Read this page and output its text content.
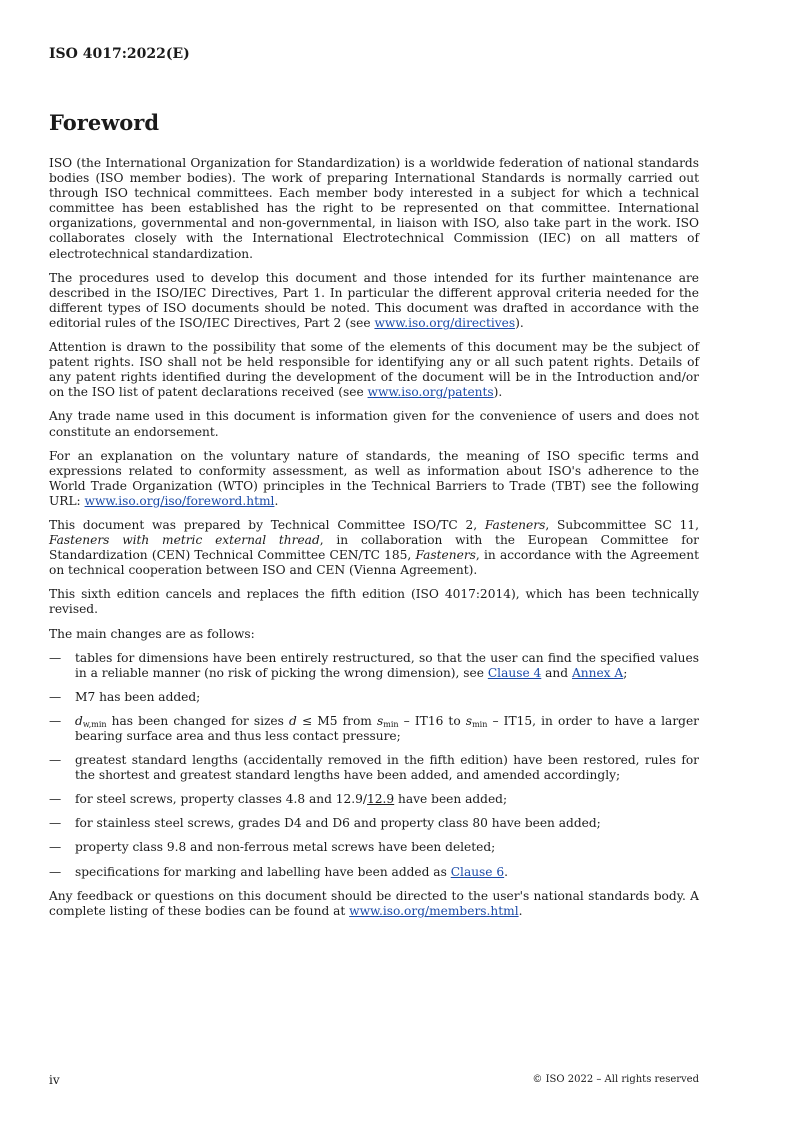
ISO 4017:2022(E)
Foreword

ISO (the International Organization for Standardization) is a worldwide federation of national standards bodies (ISO member bodies). The work of preparing International Standards is normally carried out through ISO technical committees. Each member body interested in a subject for which a technical committee has been established has the right to be represented on that committee. International organizations, governmental and non-governmental, in liaison with ISO, also take part in the work. ISO collaborates closely with the International Electrotechnical Commission (IEC) on all matters of electrotechnical standardization.

The procedures used to develop this document and those intended for its further maintenance are described in the ISO/IEC Directives, Part 1. In particular the different approval criteria needed for the different types of ISO documents should be noted. This document was drafted in accordance with the editorial rules of the ISO/IEC Directives, Part 2 (see www.iso.org/directives).

Attention is drawn to the possibility that some of the elements of this document may be the subject of patent rights. ISO shall not be held responsible for identifying any or all such patent rights. Details of any patent rights identified during the development of the document will be in the Introduction and/or on the ISO list of patent declarations received (see www.iso.org/patents).

Any trade name used in this document is information given for the convenience of users and does not constitute an endorsement.

For an explanation on the voluntary nature of standards, the meaning of ISO specific terms and expressions related to conformity assessment, as well as information about ISO's adherence to the World Trade Organization (WTO) principles in the Technical Barriers to Trade (TBT) see the following URL: www.iso.org/iso/foreword.html.

This document was prepared by Technical Committee ISO/TC 2, Fasteners, Subcommittee SC 11, Fasteners with metric external thread, in collaboration with the European Committee for Standardization (CEN) Technical Committee CEN/TC 185, Fasteners, in accordance with the Agreement on technical cooperation between ISO and CEN (Vienna Agreement).

This sixth edition cancels and replaces the fifth edition (ISO 4017:2014), which has been technically revised.

The main changes are as follows:

— tables for dimensions have been entirely restructured, so that the user can find the specified values in a reliable manner (no risk of picking the wrong dimension), see Clause 4 and Annex A;
— M7 has been added;
— $d_{w,min}$ has been changed for sizes d ≤ M5 from $s_{min} - IT16$ to $s_{min} - IT15$, in order to have a larger bearing surface area and thus less contact pressure;
— greatest standard lengths (accidentally removed in the fifth edition) have been restored, rules for the shortest and greatest standard lengths have been added, and amended accordingly;
— for steel screws, property classes 4.8 and 12.9/12.9 have been added;
— for stainless steel screws, grades D4 and D6 and property class 80 have been added;
— property class 9.8 and non-ferrous metal screws have been deleted;
— specifications for marking and labelling have been added as Clause 6.

Any feedback or questions on this document should be directed to the user's national standards body. A complete listing of these bodies can be found at www.iso.org/members.html.

iv	© ISO 2022 – All rights reserved
